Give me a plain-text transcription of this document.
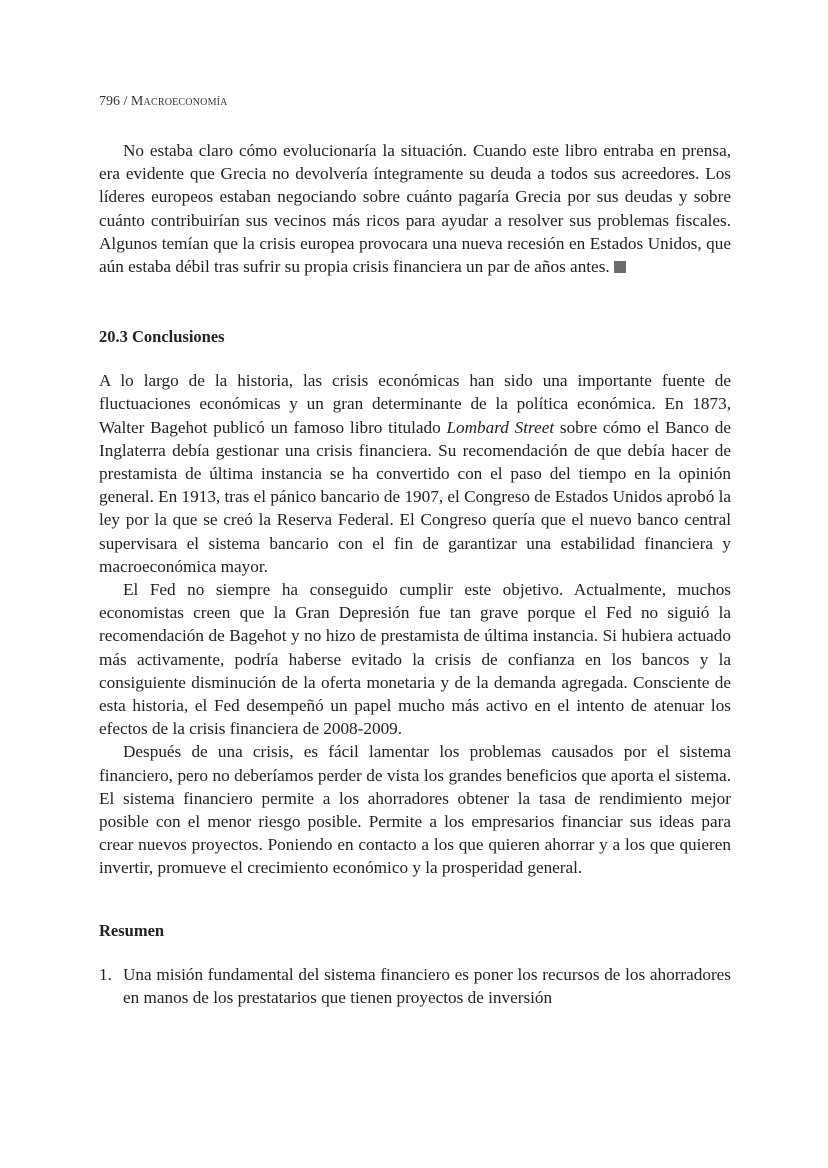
796 / Macroeconomía

No estaba claro cómo evolucionaría la situación. Cuando este libro entraba en prensa, era evidente que Grecia no devolvería íntegramente su deuda a todos sus acreedores. Los líderes europeos estaban negociando sobre cuánto pagaría Grecia por sus deudas y sobre cuánto contribuirían sus vecinos más ricos para ayudar a resolver sus problemas fiscales. Algunos temían que la crisis europea provocara una nueva recesión en Estados Unidos, que aún estaba débil tras sufrir su propia crisis financiera un par de años antes.

20.3 Conclusiones

A lo largo de la historia, las crisis económicas han sido una importante fuente de fluctuaciones económicas y un gran determinante de la política económica. En 1873, Walter Bagehot publicó un famoso libro titulado Lombard Street sobre cómo el Banco de Inglaterra debía gestionar una crisis financiera. Su recomendación de que debía hacer de prestamista de última instancia se ha convertido con el paso del tiempo en la opinión general. En 1913, tras el pánico bancario de 1907, el Congreso de Estados Unidos aprobó la ley por la que se creó la Reserva Federal. El Congreso quería que el nuevo banco central supervisara el sistema bancario con el fin de garantizar una estabilidad financiera y macroeconómica mayor.

El Fed no siempre ha conseguido cumplir este objetivo. Actualmente, muchos economistas creen que la Gran Depresión fue tan grave porque el Fed no siguió la recomendación de Bagehot y no hizo de prestamista de última instancia. Si hubiera actuado más activamente, podría haberse evitado la crisis de confianza en los bancos y la consiguiente disminución de la oferta monetaria y de la demanda agregada. Consciente de esta historia, el Fed desempeñó un papel mucho más activo en el intento de atenuar los efectos de la crisis financiera de 2008-2009.

Después de una crisis, es fácil lamentar los problemas causados por el sistema financiero, pero no deberíamos perder de vista los grandes beneficios que aporta el sistema. El sistema financiero permite a los ahorradores obtener la tasa de rendimiento mejor posible con el menor riesgo posible. Permite a los empresarios financiar sus ideas para crear nuevos proyectos. Poniendo en contacto a los que quieren ahorrar y a los que quieren invertir, promueve el crecimiento económico y la prosperidad general.

Resumen
1. Una misión fundamental del sistema financiero es poner los recursos de los ahorradores en manos de los prestatarios que tienen proyectos de inversión
